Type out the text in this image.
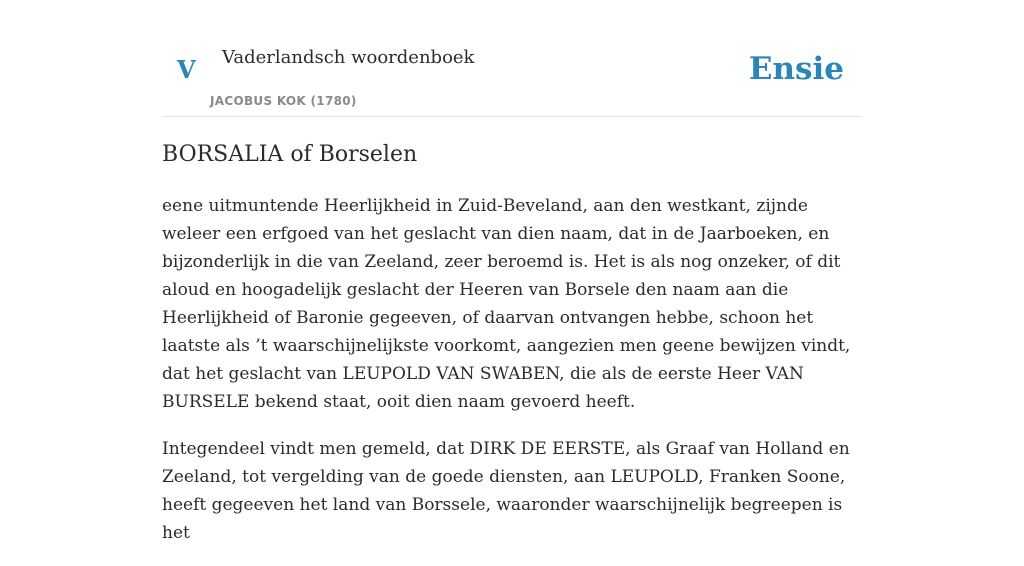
V Vaderlandsch woordenboek
JACOBUS KOK (1780)
Ensie
BORSALIA of Borselen

eene uitmuntende Heerlijkheid in Zuid-Beveland, aan den westkant, zijnde weleer een erfgoed van het geslacht van dien naam, dat in de Jaarboeken, en bijzonderlijk in die van Zeeland, zeer beroemd is. Het is als nog onzeker, of dit aloud en hoogadelijk geslacht der Heeren van Borsele den naam aan die Heerlijkheid of Baronie gegeeven, of daarvan ontvangen hebbe, schoon het laatste als ’t waarschijnelijkste voorkomt, aangezien men geene bewijzen vindt, dat het geslacht van LEUPOLD VAN SWABEN, die als de eerste Heer VAN BURSELE bekend staat, ooit dien naam gevoerd heeft.

Integendeel vindt men gemeld, dat DIRK DE EERSTE, als Graaf van Holland en Zeeland, tot vergelding van de goede diensten, aan LEUPOLD, Franken Soone, heeft gegeeven het land van Borssele, waaronder waarschijnelijk begreepen is het
